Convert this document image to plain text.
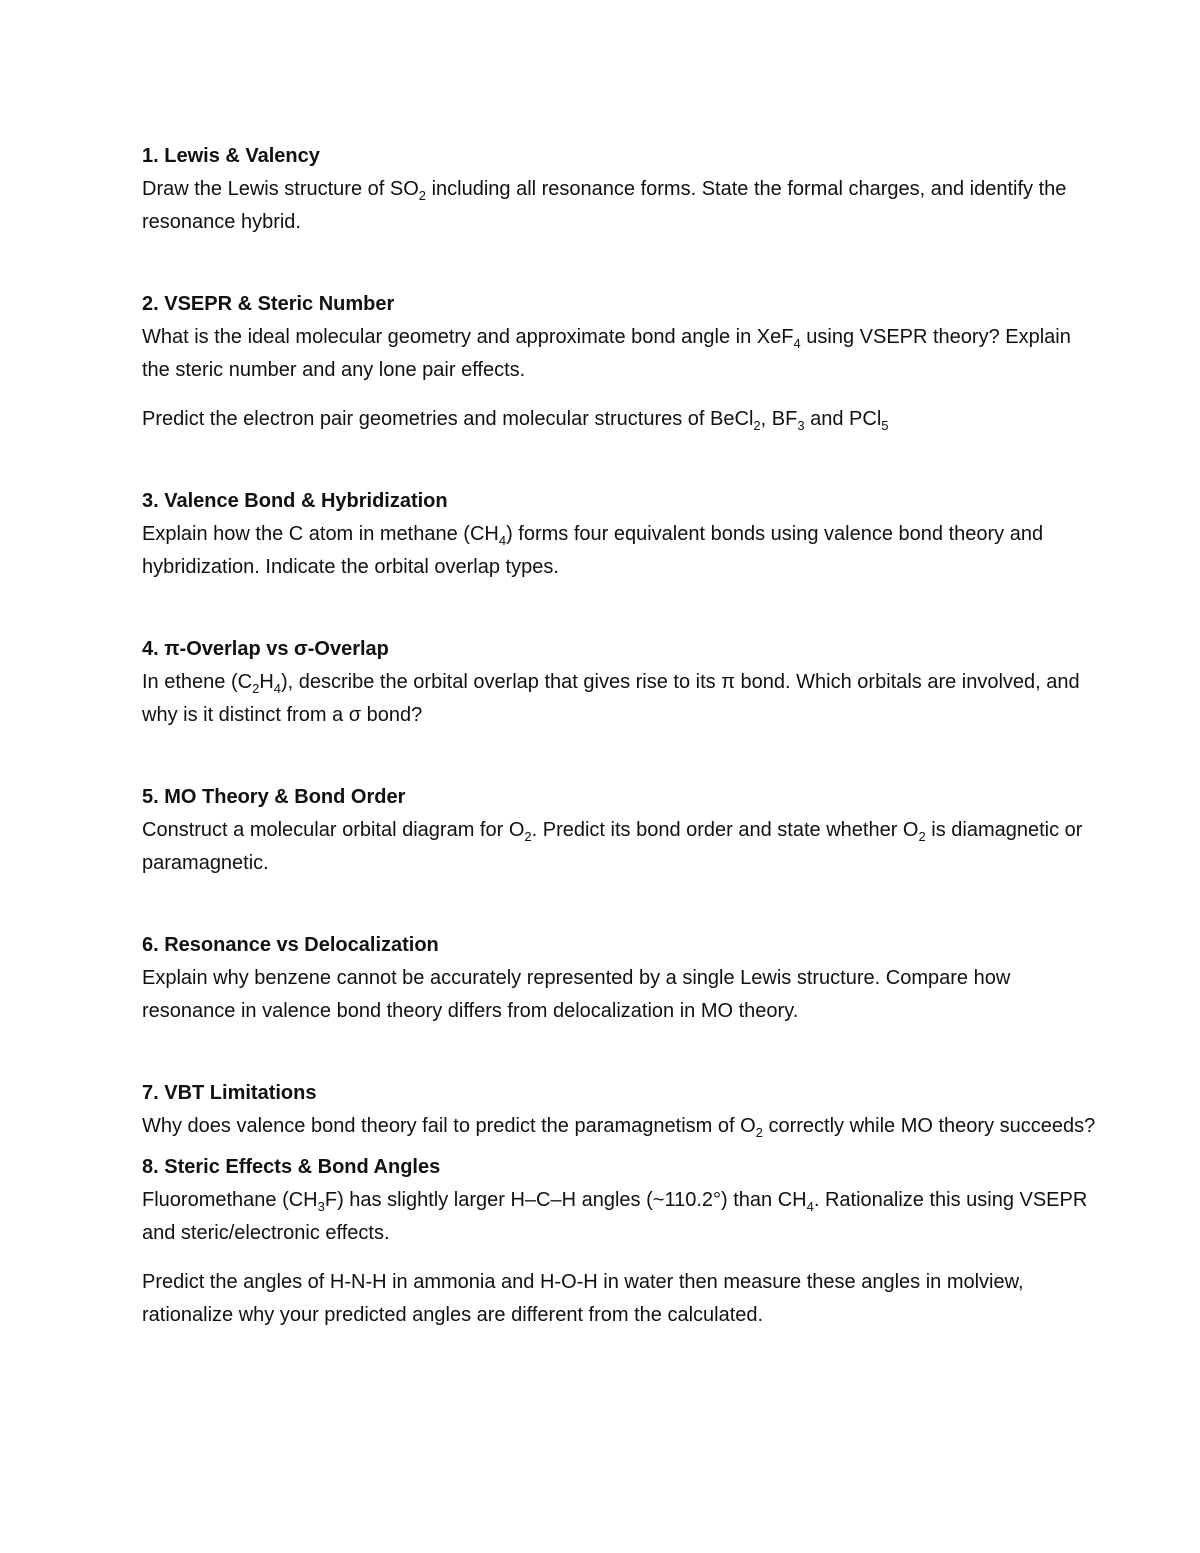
1. Lewis & Valency

Draw the Lewis structure of $SO_2$ including all resonance forms. State the formal charges, and identify the resonance hybrid.

2. VSEPR & Steric Number

What is the ideal molecular geometry and approximate bond angle in XeF$_4$ using VSEPR theory? Explain the steric number and any lone pair effects.

Predict the electron pair geometries and molecular structures of BeCl$_2$, $BF_3$ and PCl$_5$

3. Valence Bond & Hybridization

Explain how the C atom in methane $(CH_4)$ forms four equivalent bonds using valence bond theory and hybridization. Indicate the orbital overlap types.

4. π-Overlap vs σ-Overlap

In ethene $(C_2H_4)$, describe the orbital overlap that gives rise to its π bond. Which orbitals are involved, and why is it distinct from a σ bond?

5. MO Theory & Bond Order

Construct a molecular orbital diagram for $O_2$. Predict its bond order and state whether $O_2$ is diamagnetic or paramagnetic.

6. Resonance vs Delocalization

Explain why benzene cannot be accurately represented by a single Lewis structure. Compare how resonance in valence bond theory differs from delocalization in MO theory.

7. VBT Limitations

Why does valence bond theory fail to predict the paramagnetism of $O_2$ correctly while MO theory succeeds?

8. Steric Effects & Bond Angles

Fluoromethane $(CH_3F)$ has slightly larger H–C–H angles (~110.2°) than $CH_4$. Rationalize this using VSEPR and steric/electronic effects.

Predict the angles of H-N-H in ammonia and H-O-H in water then measure these angles in molview, rationalize why your predicted angles are different from the calculated.
